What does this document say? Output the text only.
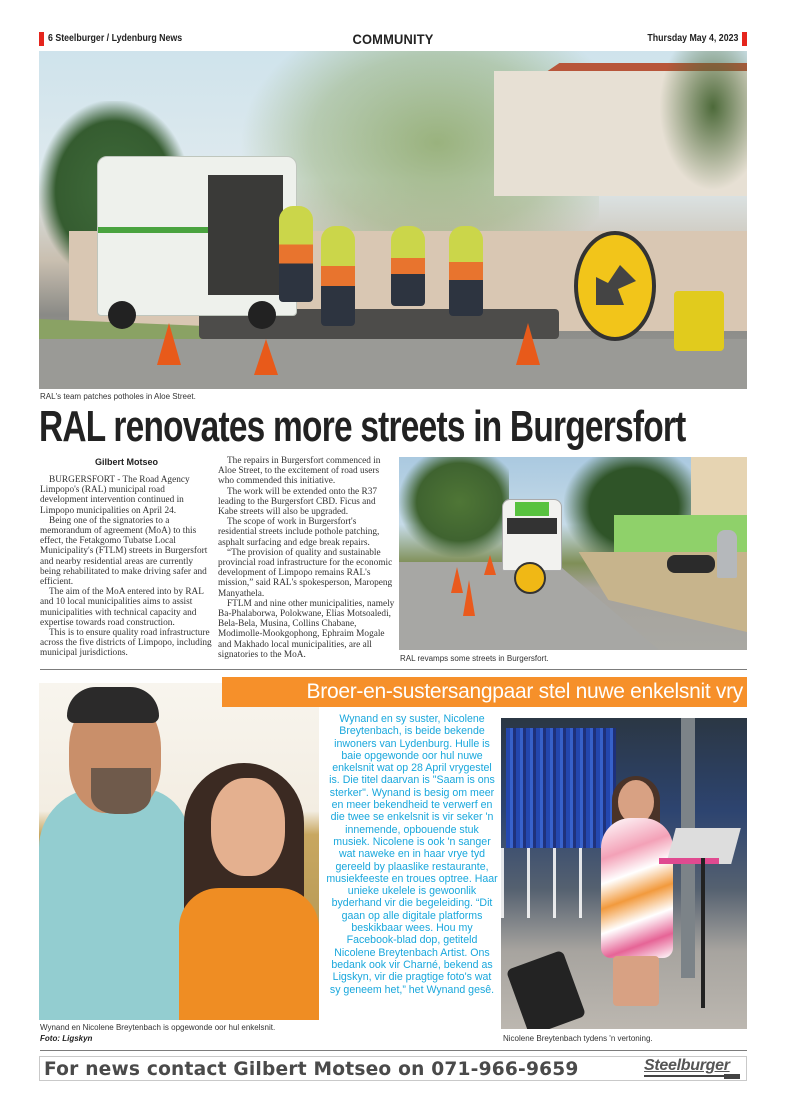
6 Steelburger / Lydenburg News	COMMUNITY	Thursday May 4, 2023
RAL's team patches potholes in Aloe Street.
RAL renovates more streets in Burgersfort
Gilbert Motseo

BURGERSFORT - The Road Agency Limpopo's (RAL) municipal road development intervention continued in Limpopo municipalities on April 24.

Being one of the signatories to a memorandum of agreement (MoA) to this effect, the Fetakgomo Tubatse Local Municipality's (FTLM) streets in Burgersfort and nearby residential areas are currently being rehabilitated to make driving safer and efficient.

The aim of the MoA entered into by RAL and 10 local municipalities aims to assist municipalities with technical capacity and expertise towards road construction.

This is to ensure quality road infrastructure across the five districts of Limpopo, including municipal jurisdictions.

The repairs in Burgersfort commenced in Aloe Street, to the excitement of road users who commended this initiative.

The work will be extended onto the R37 leading to the Burgersfort CBD. Ficus and Kabe streets will also be upgraded.

The scope of work in Burgersfort's residential streets include pothole patching, asphalt surfacing and edge break repairs.

“The provision of quality and sustainable provincial road infrastructure for the economic development of Limpopo remains RAL's mission,” said RAL's spokesperson, Maropeng Manyathela.

FTLM and nine other municipalities, namely Ba-Phalaborwa, Polokwane, Elias Motsoaledi, Bela-Bela, Musina, Collins Chabane, Modimolle-Mookgophong, Ephraim Mogale and Makhado local municipalities, are all signatories to the MoA.	RAL revamps some streets in Burgersfort.
Broer-en-sustersangpaar stel nuwe enkelsnit vry
Wynand en sy suster, Nicolene Breytenbach, is beide bekende inwoners van Lydenburg. Hulle is baie opgewonde oor hul nuwe enkelsnit wat op 28 April vrygestel is. Die titel daarvan is "Saam is ons sterker". Wynand is besig om meer en meer bekendheid te verwerf en die twee se enkelsnit is vir seker 'n innemende, opbouende stuk musiek. Nicolene is ook 'n sanger wat naweke en in haar vrye tyd gereeld by plaaslike restaurante, musiekfeeste en troues optree. Haar unieke ukelele is gewoonlik byderhand vir die begeleiding. “Dit gaan op alle digitale platforms beskikbaar wees. Hou my Facebook-blad dop, getiteld Nicolene Breytenbach Artist. Ons bedank ook vir Charné, bekend as Ligskyn, vir die pragtige foto's wat sy geneem het,” het Wynand gesê.
Wynand en Nicolene Breytenbach is opgewonde oor hul enkelsnit.
Foto: Ligskyn	Nicolene Breytenbach tydens 'n vertoning.
For news contact Gilbert Motseo on 071-966-9659	Steelburger
